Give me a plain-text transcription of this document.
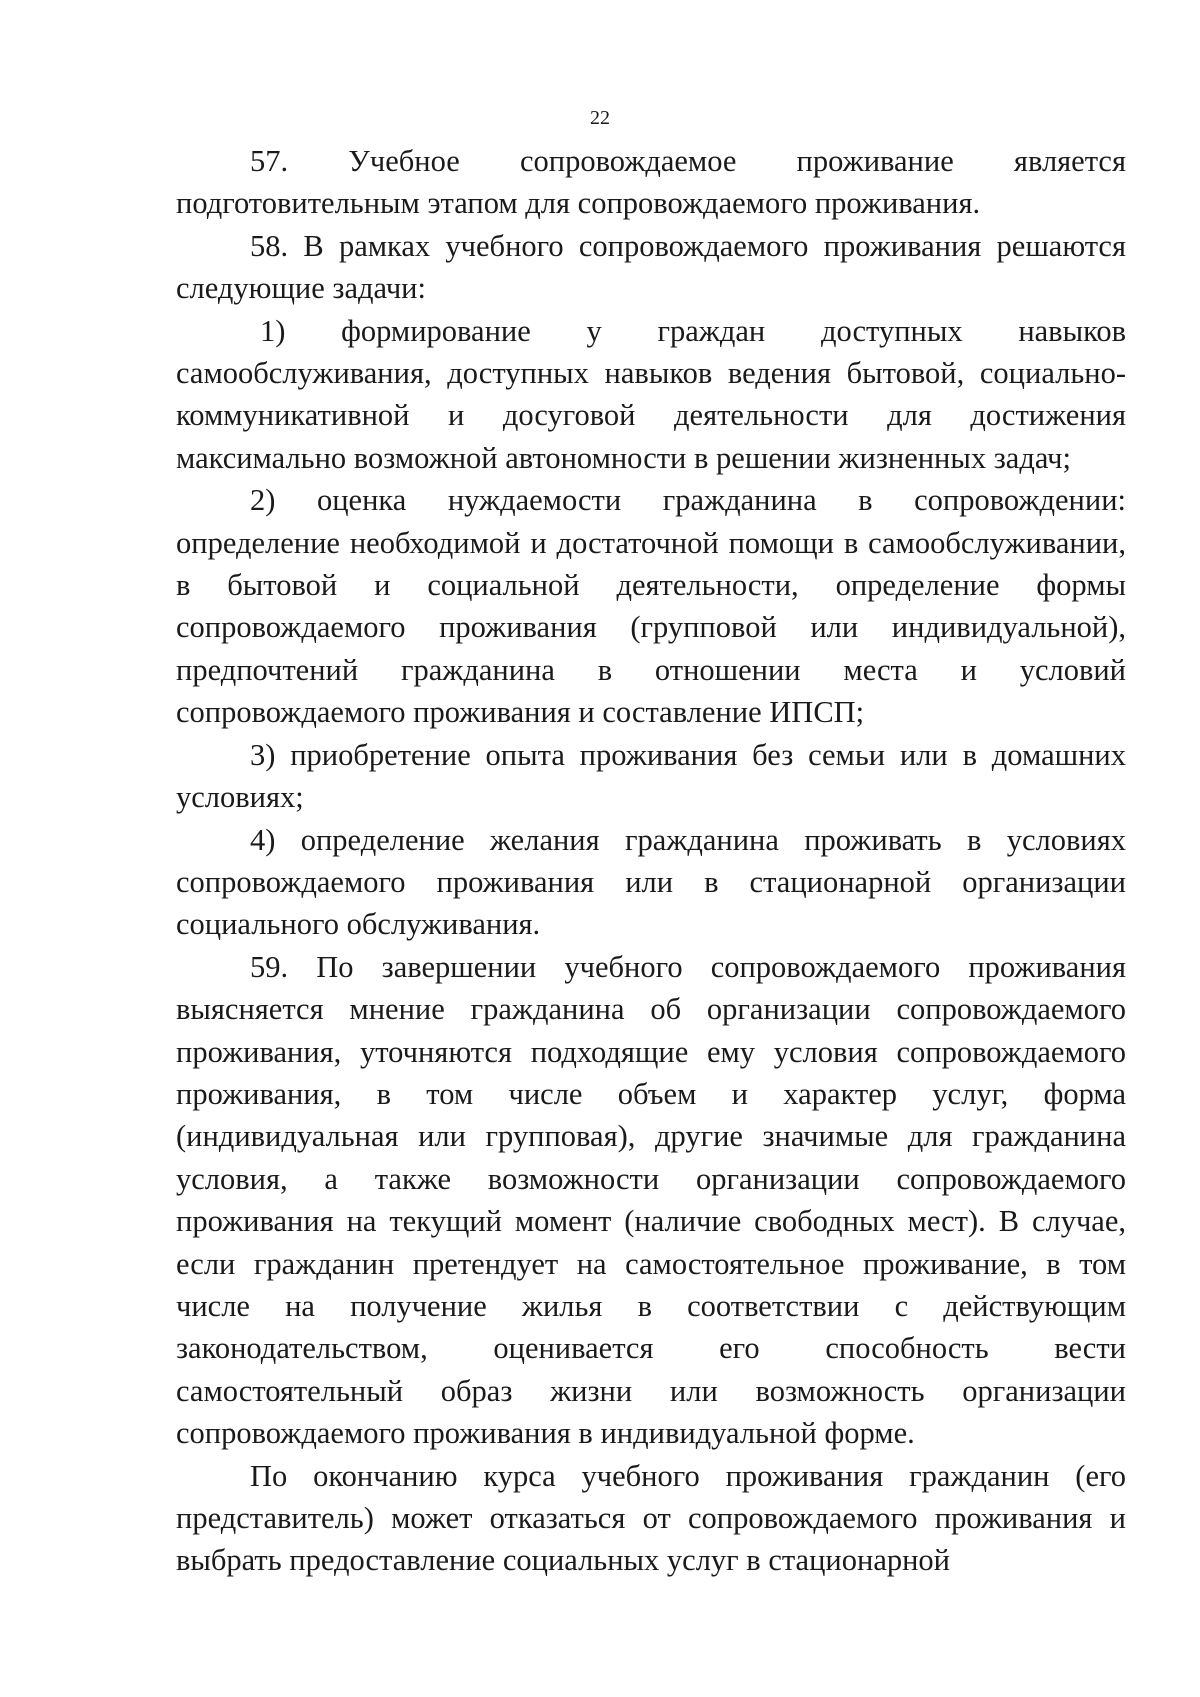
22

57. Учебное сопровождаемое проживание является подготовительным этапом для сопровождаемого проживания.

58. В рамках учебного сопровождаемого проживания решаются следующие задачи:

1) формирование у граждан доступных навыков самообслуживания, доступных навыков ведения бытовой, социально-коммуникативной и досуговой деятельности для достижения максимально возможной автономности в решении жизненных задач;

2) оценка нуждаемости гражданина в сопровождении: определение необходимой и достаточной помощи в самообслуживании, в бытовой и социальной деятельности, определение формы сопровождаемого проживания (групповой или индивидуальной), предпочтений гражданина в отношении места и условий сопровождаемого проживания и составление ИПСП;

3) приобретение опыта проживания без семьи или в домашних условиях;

4) определение желания гражданина проживать в условиях сопровождаемого проживания или в стационарной организации социального обслуживания.

59. По завершении учебного сопровождаемого проживания выясняется мнение гражданина об организации сопровождаемого проживания, уточняются подходящие ему условия сопровождаемого проживания, в том числе объем и характер услуг, форма (индивидуальная или групповая), другие значимые для гражданина условия, а также возможности организации сопровождаемого проживания на текущий момент (наличие свободных мест). В случае, если гражданин претендует на самостоятельное проживание, в том числе на получение жилья в соответствии с действующим законодательством, оценивается его способность вести самостоятельный образ жизни или возможность организации сопровождаемого проживания в индивидуальной форме.

По окончанию курса учебного проживания гражданин (его представитель) может отказаться от сопровождаемого проживания и выбрать предоставление социальных услуг в стационарной
